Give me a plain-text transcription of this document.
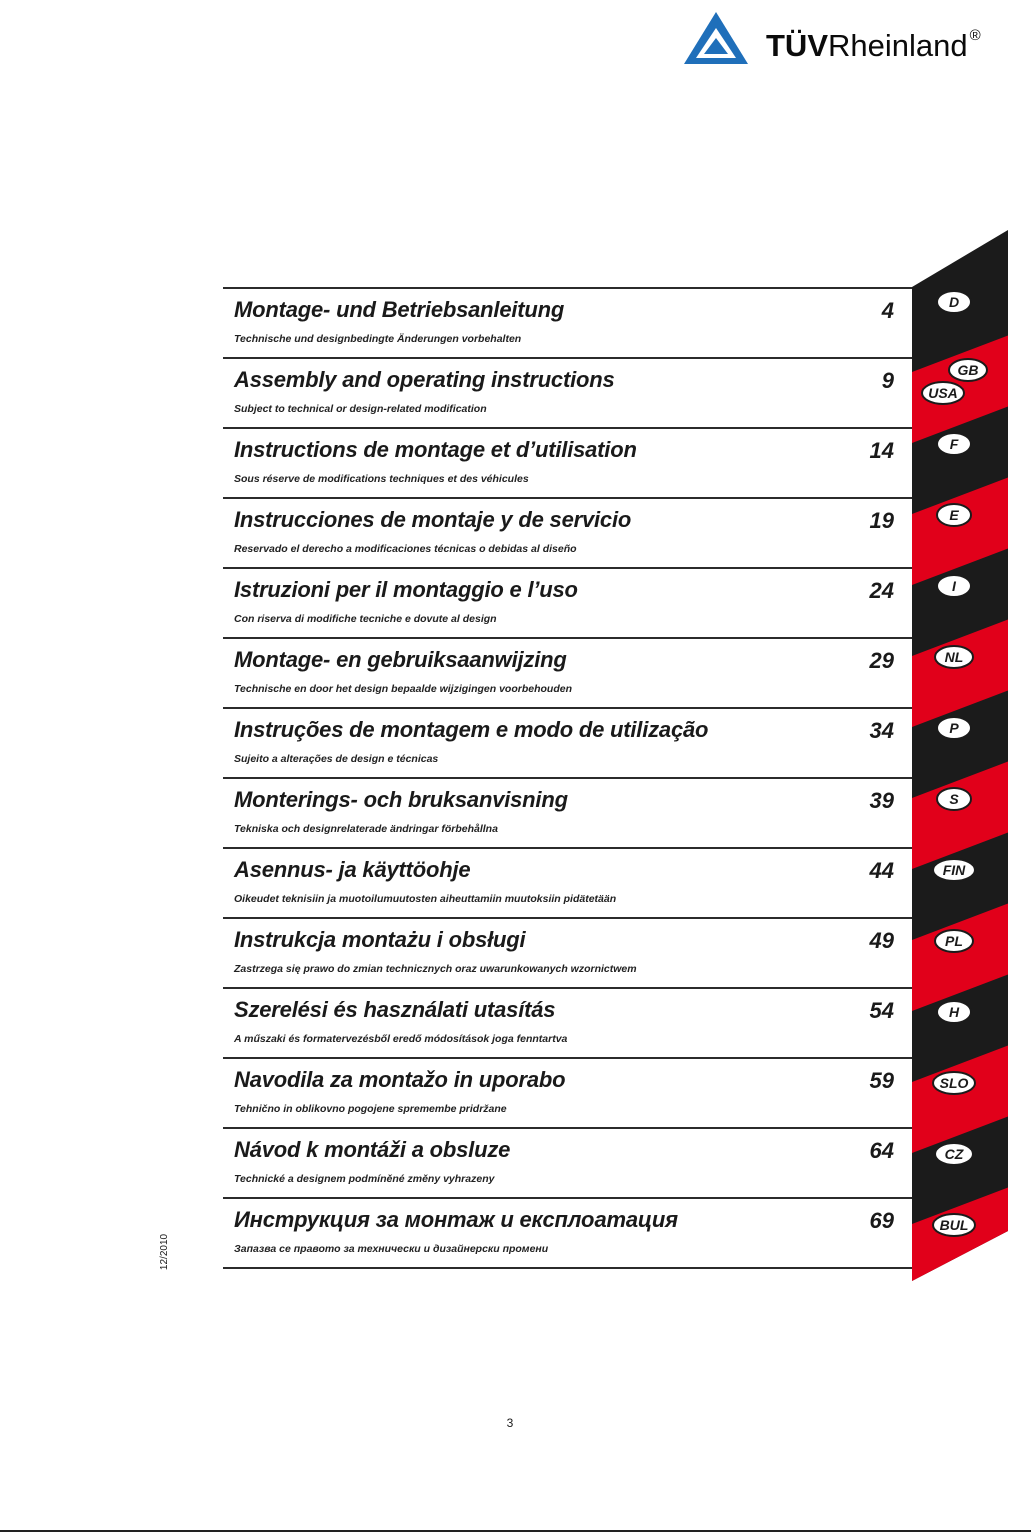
TÜVRheinland ®
12/2010
Montage- und Betriebsanleitung
Technische und designbedingte Änderungen vorbehalten
4
Assembly and operating instructions
Subject to technical or design-related modification
9
Instructions de montage et d’utilisation
Sous réserve de modifications techniques et des véhicules
14
Instrucciones de montaje y de servicio
Reservado el derecho a modificaciones técnicas o debidas al diseño
19
Istruzioni per il montaggio e l’uso
Con riserva di modifiche tecniche e dovute al design
24
Montage- en gebruiksaanwijzing
Technische en door het design bepaalde wijzigingen voorbehouden
29
Instruções de montagem e modo de utilização
Sujeito a alterações de design e técnicas
34
Monterings- och bruksanvisning
Tekniska och designrelaterade ändringar förbehållna
39
Asennus- ja käyttöohje
Oikeudet teknisiin ja muotoilumuutosten aiheuttamiin muutoksiin pidätetään
44
Instrukcja montażu i obsługi
Zastrzega się prawo do zmian technicznych oraz uwarunkowanych wzornictwem
49
Szerelési és használati utasítás
A műszaki és formatervezésből eredő módosítások joga fenntartva
54
Navodila za montažo in uporabo
Tehnično in oblikovno pogojene spremembe pridržane
59
Návod k montáži a obsluze
Technické a designem podmíněné změny vyhrazeny
64
Инструкция за монтаж и експлоатация
Запазва се правото за технически и дизайнерски промени
69
D
GB
USA
F
E
I
NL
P
S
FIN
PL
H
SLO
CZ
BUL
3
